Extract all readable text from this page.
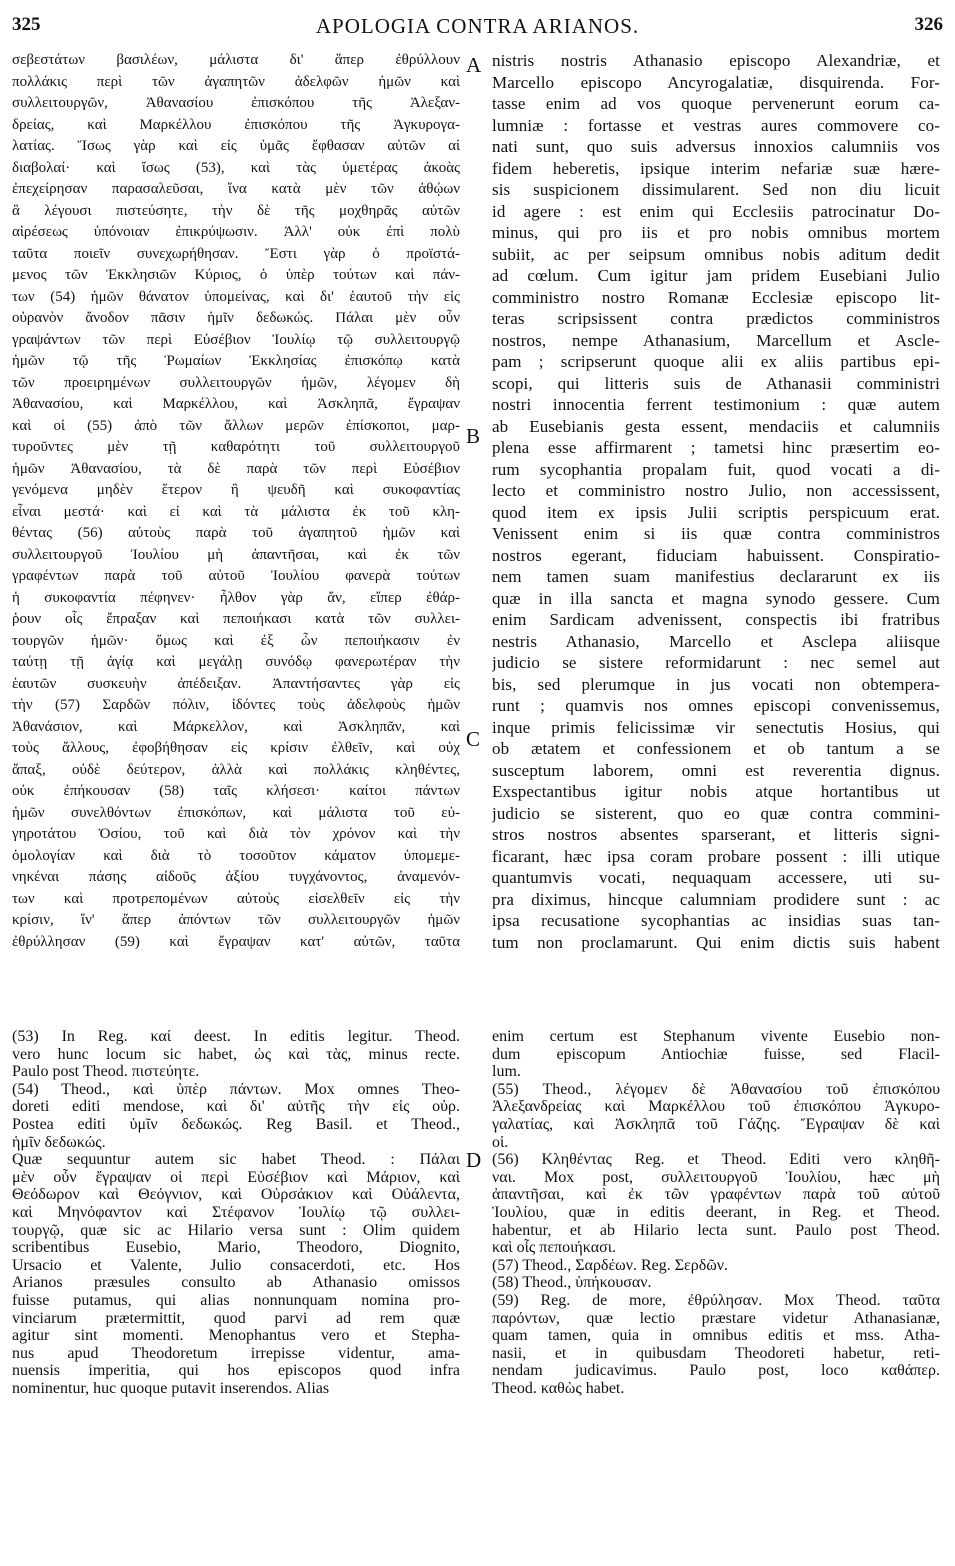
325	APOLOGIA CONTRA ARIANOS.	326
σεβεστάτων βασιλέων, μάλιστα δι' ἅπερ ἐθρύλλουν
πολλάκις περὶ τῶν ἀγαπητῶν ἀδελφῶν ἡμῶν καὶ
συλλειτουργῶν, Ἀθανασίου ἐπισκόπου τῆς Ἀλεξαν-
δρείας, καὶ Μαρκέλλου ἐπισκόπου τῆς Ἀγκυρογα-
λατίας. Ἴσως γὰρ καὶ εἰς ὑμᾶς ἔφθασαν αὐτῶν αἱ
διαβολαί· καὶ ἴσως (53), καὶ τὰς ὑμετέρας ἀκοὰς
ἐπεχείρησαν παρασαλεῦσαι, ἵνα κατὰ μὲν τῶν ἀθῴων
ἃ λέγουσι πιστεύσητε, τὴν δὲ τῆς μοχθηρᾶς αὐτῶν
αἱρέσεως ὑπόνοιαν ἐπικρύψωσιν. Ἀλλ' οὐκ ἐπὶ πολὺ
ταῦτα ποιεῖν συνεχωρήθησαν. Ἔστι γὰρ ὁ προϊστά-
μενος τῶν Ἐκκλησιῶν Κύριος, ὁ ὑπὲρ τούτων καὶ πάν-
των (54) ἡμῶν θάνατον ὑπομείνας, καὶ δι' ἑαυτοῦ τὴν εἰς
οὐρανὸν ἄνοδον πᾶσιν ἡμῖν δεδωκώς. Πάλαι μὲν οὖν
γραψάντων τῶν περὶ Εὐσέβιον Ἰουλίῳ τῷ συλλειτουργῷ
ἡμῶν τῷ τῆς Ῥωμαίων Ἐκκλησίας ἐπισκόπῳ κατὰ
τῶν προειρημένων συλλειτουργῶν ἡμῶν, λέγομεν δὴ
Ἀθανασίου, καὶ Μαρκέλλου, καὶ Ἀσκληπᾶ, ἔγραψαν
καὶ οἱ (55) ἀπὸ τῶν ἄλλων μερῶν ἐπίσκοποι, μαρ-
τυροῦντες μὲν τῇ καθαρότητι τοῦ συλλειτουργοῦ
ἡμῶν Ἀθανασίου, τὰ δὲ παρὰ τῶν περὶ Εὐσέβιον
γενόμενα μηδὲν ἕτερον ἢ ψευδῆ καὶ συκοφαντίας
εἶναι μεστά· καὶ εἰ καὶ τὰ μάλιστα ἐκ τοῦ κλη-
θέντας (56) αὐτοὺς παρὰ τοῦ ἀγαπητοῦ ἡμῶν καὶ
συλλειτουργοῦ Ἰουλίου μὴ ἀπαντῆσαι, καὶ ἐκ τῶν
γραφέντων παρὰ τοῦ αὐτοῦ Ἰουλίου φανερὰ τούτων
ἡ συκοφαντία πέφηνεν· ἦλθον γὰρ ἄν, εἴπερ ἐθάρ-
ῥουν οἷς ἔπραξαν καὶ πεποιήκασι κατὰ τῶν συλλει-
τουργῶν ἡμῶν· ὅμως καὶ ἐξ ὧν πεποιήκασιν ἐν
ταύτῃ τῇ ἁγίᾳ καὶ μεγάλῃ συνόδῳ φανερωτέραν τὴν
ἑαυτῶν συσκευὴν ἀπέδειξαν. Ἀπαντήσαντες γὰρ εἰς
τὴν (57) Σαρδῶν πόλιν, ἰδόντες τοὺς ἀδελφοὺς ἡμῶν
Ἀθανάσιον, καὶ Μάρκελλον, καὶ Ἀσκληπᾶν, καὶ
τοὺς ἄλλους, ἐφοβήθησαν εἰς κρίσιν ἐλθεῖν, καὶ οὐχ
ἅπαξ, οὐδὲ δεύτερον, ἀλλὰ καὶ πολλάκις κληθέντες,
οὐκ ἐπήκουσαν (58) ταῖς κλήσεσι· καίτοι πάντων
ἡμῶν συνελθόντων ἐπισκόπων, καὶ μάλιστα τοῦ εὐ-
γηροτάτου Ὁσίου, τοῦ καὶ διὰ τὸν χρόνον καὶ τὴν
ὁμολογίαν καὶ διὰ τὸ τοσοῦτον κάματον ὑπομεμε-
νηκέναι πάσης αἰδοῦς ἀξίου τυγχάνοντος, ἀναμενόν-
των καὶ προτρεπομένων αὐτοὺς εἰσελθεῖν εἰς τὴν
κρίσιν, ἵν' ἅπερ ἀπόντων τῶν συλλειτουργῶν ἡμῶν
ἐθρύλλησαν (59) καὶ ἔγραψαν κατ' αὐτῶν, ταῦτα
nistris nostris Athanasio episcopo Alexandriæ, et
Marcello episcopo Ancyrogalatiæ, disquirenda. For-
tasse enim ad vos quoque pervenerunt eorum ca-
lumniæ : fortasse et vestras aures commovere co-
nati sunt, quo suis adversus innoxios calumniis vos
fidem heberetis, ipsique interim nefariæ suæ hære-
sis suspicionem dissimularent. Sed non diu licuit
id agere : est enim qui Ecclesiis patrocinatur Do-
minus, qui pro iis et pro nobis omnibus mortem
subiit, ac per seipsum omnibus nobis aditum dedit
ad cœlum. Cum igitur jam pridem Eusebiani Julio
comministro nostro Romanæ Ecclesiæ episcopo lit-
teras scripsissent contra prædictos comministros
nostros, nempe Athanasium, Marcellum et Ascle-
pam ; scripserunt quoque alii ex aliis partibus epi-
scopi, qui litteris suis de Athanasii comministri
nostri innocentia ferrent testimonium : quæ autem
ab Eusebianis gesta essent, mendaciis et calumniis
plena esse affirmarent ; tametsi hinc præsertim eo-
rum sycophantia propalam fuit, quod vocati a di-
lecto et comministro nostro Julio, non accessissent,
quod item ex ipsis Julii scriptis perspicuum erat.
Venissent enim si iis quæ contra comministros
nostros egerant, fiduciam habuissent. Conspiratio-
nem tamen suam manifestius declararunt ex iis
quæ in illa sancta et magna synodo gessere. Cum
enim Sardicam advenissent, conspectis ibi fratribus
nestris Athanasio, Marcello et Asclepa aliisque
judicio se sistere reformidarunt : nec semel aut
bis, sed plerumque in jus vocati non obtempera-
runt ; quamvis nos omnes episcopi convenissemus,
inque primis felicissimæ vir senectutis Hosius, qui
ob ætatem et confessionem et ob tantum a se
susceptum laborem, omni est reverentia dignus.
Exspectantibus igitur nobis atque hortantibus ut
judicio se sisterent, quo eo quæ contra commini-
stros nostros absentes sparserant, et litteris signi-
ficarant, hæc ipsa coram probare possent : illi utique
quantumvis vocati, nequaquam accessere, uti su-
pra diximus, hincque calumniam prodidere sunt : ac
ipsa recusatione sycophantias ac insidias suas tan-
tum non proclamarunt. Qui enim dictis suis habent
A
B
C
D
(53) In Reg. καί deest. In editis legitur. Theod.
vero hunc locum sic habet, ὡς καὶ τὰς, minus recte.
Paulo post Theod. πιστεύητε.
(54) Theod., καὶ ὑπὲρ πάντων. Mox omnes Theo-
doreti editi mendose, καὶ δι' αὐτῆς τὴν εἰς οὐρ.
Postea editi ὑμῖν δεδωκώς. Reg Basil. et Theod.,
ἡμῖν δεδωκώς.
Quæ sequuntur autem sic habet Theod. : Πάλαι
μὲν οὖν ἔγραψαν οἱ περὶ Εὐσέβιον καὶ Μάριον, καὶ
Θεόδωρον καὶ Θεόγνιον, καὶ Οὐρσάκιον καὶ Οὐάλεντα,
καὶ Μηνόφαντον καὶ Στέφανον Ἰουλίῳ τῷ συλλει-
τουργῷ, quæ sic ac Hilario versa sunt : Olim quidem
scribentibus Eusebio, Mario, Theodoro, Diognito,
Ursacio et Valente, Julio consacerdoti, etc. Hos
Arianos præsules consulto ab Athanasio omissos
fuisse putamus, qui alias nonnunquam nomina pro-
vinciarum prætermittit, quod parvi ad rem quæ
agitur sint momenti. Menophantus vero et Stepha-
nus apud Theodoretum irrepisse videntur, ama-
nuensis imperitia, qui hos episcopos quod infra
nominentur, huc quoque putavit inserendos. Alias
enim certum est Stephanum vivente Eusebio non-
dum episcopum Antiochiæ fuisse, sed Flacil-
lum.
(55) Theod., λέγομεν δὲ Ἀθανασίου τοῦ ἐπισκόπου
Ἀλεξανδρείας καὶ Μαρκέλλου τοῦ ἐπισκόπου Ἀγκυρο-
γαλατίας, καὶ Ἀσκληπᾶ τοῦ Γάζης. Ἔγραψαν δὲ καὶ
οἱ.
(56) Κληθέντας Reg. et Theod. Editi vero κληθῆ-
ναι. Mox post, συλλειτουργοῦ Ἰουλίου, hæc μὴ
ἀπαντῆσαι, καὶ ἐκ τῶν γραφέντων παρὰ τοῦ αὐτοῦ
Ἰουλίου, quæ in editis deerant, in Reg. et Theod.
habentur, et ab Hilario lecta sunt. Paulo post Theod.
καὶ οἷς πεποιήκασι.
(57) Theod., Σαρδέων. Reg. Σερδῶν.
(58) Theod., ὑπήκουσαν.
(59) Reg. de more, ἐθρύλησαν. Mox Theod. ταῦτα
παρόντων, quæ lectio præstare videtur Athanasianæ,
quam tamen, quia in omnibus editis et mss. Atha-
nasii, et in quibusdam Theodoreti habetur, reti-
nendam judicavimus. Paulo post, loco καθάπερ.
Theod. καθὼς habet.
